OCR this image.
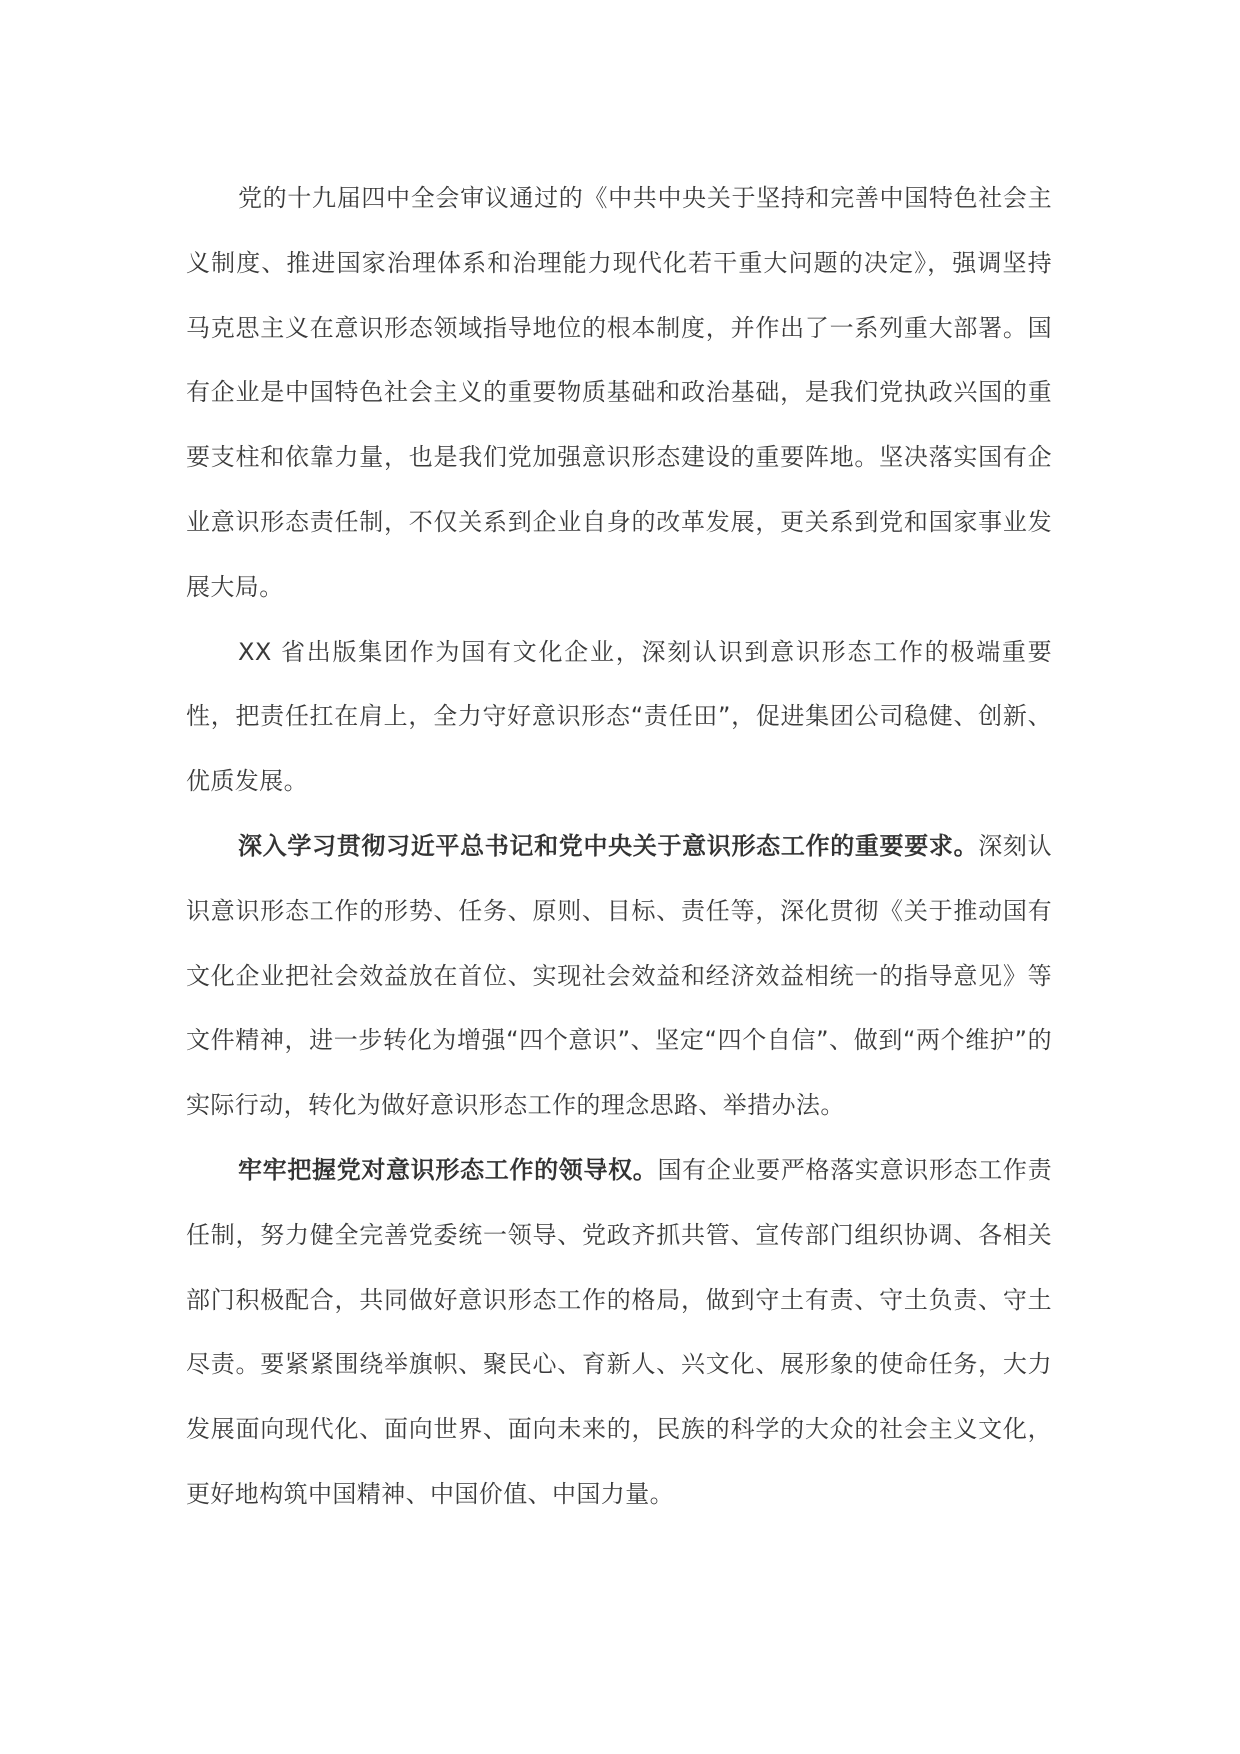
党的十九届四中全会审议通过的《中共中央关于坚持和完善中国特色社会主义制度、推进国家治理体系和治理能力现代化若干重大问题的决定》，强调坚持马克思主义在意识形态领域指导地位的根本制度，并作出了一系列重大部署。国有企业是中国特色社会主义的重要物质基础和政治基础，是我们党执政兴国的重要支柱和依靠力量，也是我们党加强意识形态建设的重要阵地。坚决落实国有企业意识形态责任制，不仅关系到企业自身的改革发展，更关系到党和国家事业发展大局。

XX 省出版集团作为国有文化企业，深刻认识到意识形态工作的极端重要性，把责任扛在肩上，全力守好意识形态“责任田”，促进集团公司稳健、创新、优质发展。

深入学习贯彻习近平总书记和党中央关于意识形态工作的重要要求。深刻认识意识形态工作的形势、任务、原则、目标、责任等，深化贯彻《关于推动国有文化企业把社会效益放在首位、实现社会效益和经济效益相统一的指导意见》等文件精神，进一步转化为增强“四个意识”、坚定“四个自信”、做到“两个维护”的实际行动，转化为做好意识形态工作的理念思路、举措办法。

牢牢把握党对意识形态工作的领导权。国有企业要严格落实意识形态工作责任制，努力健全完善党委统一领导、党政齐抓共管、宣传部门组织协调、各相关部门积极配合，共同做好意识形态工作的格局，做到守土有责、守土负责、守土尽责。要紧紧围绕举旗帜、聚民心、育新人、兴文化、展形象的使命任务，大力发展面向现代化、面向世界、面向未来的，民族的科学的大众的社会主义文化，更好地构筑中国精神、中国价值、中国力量。
